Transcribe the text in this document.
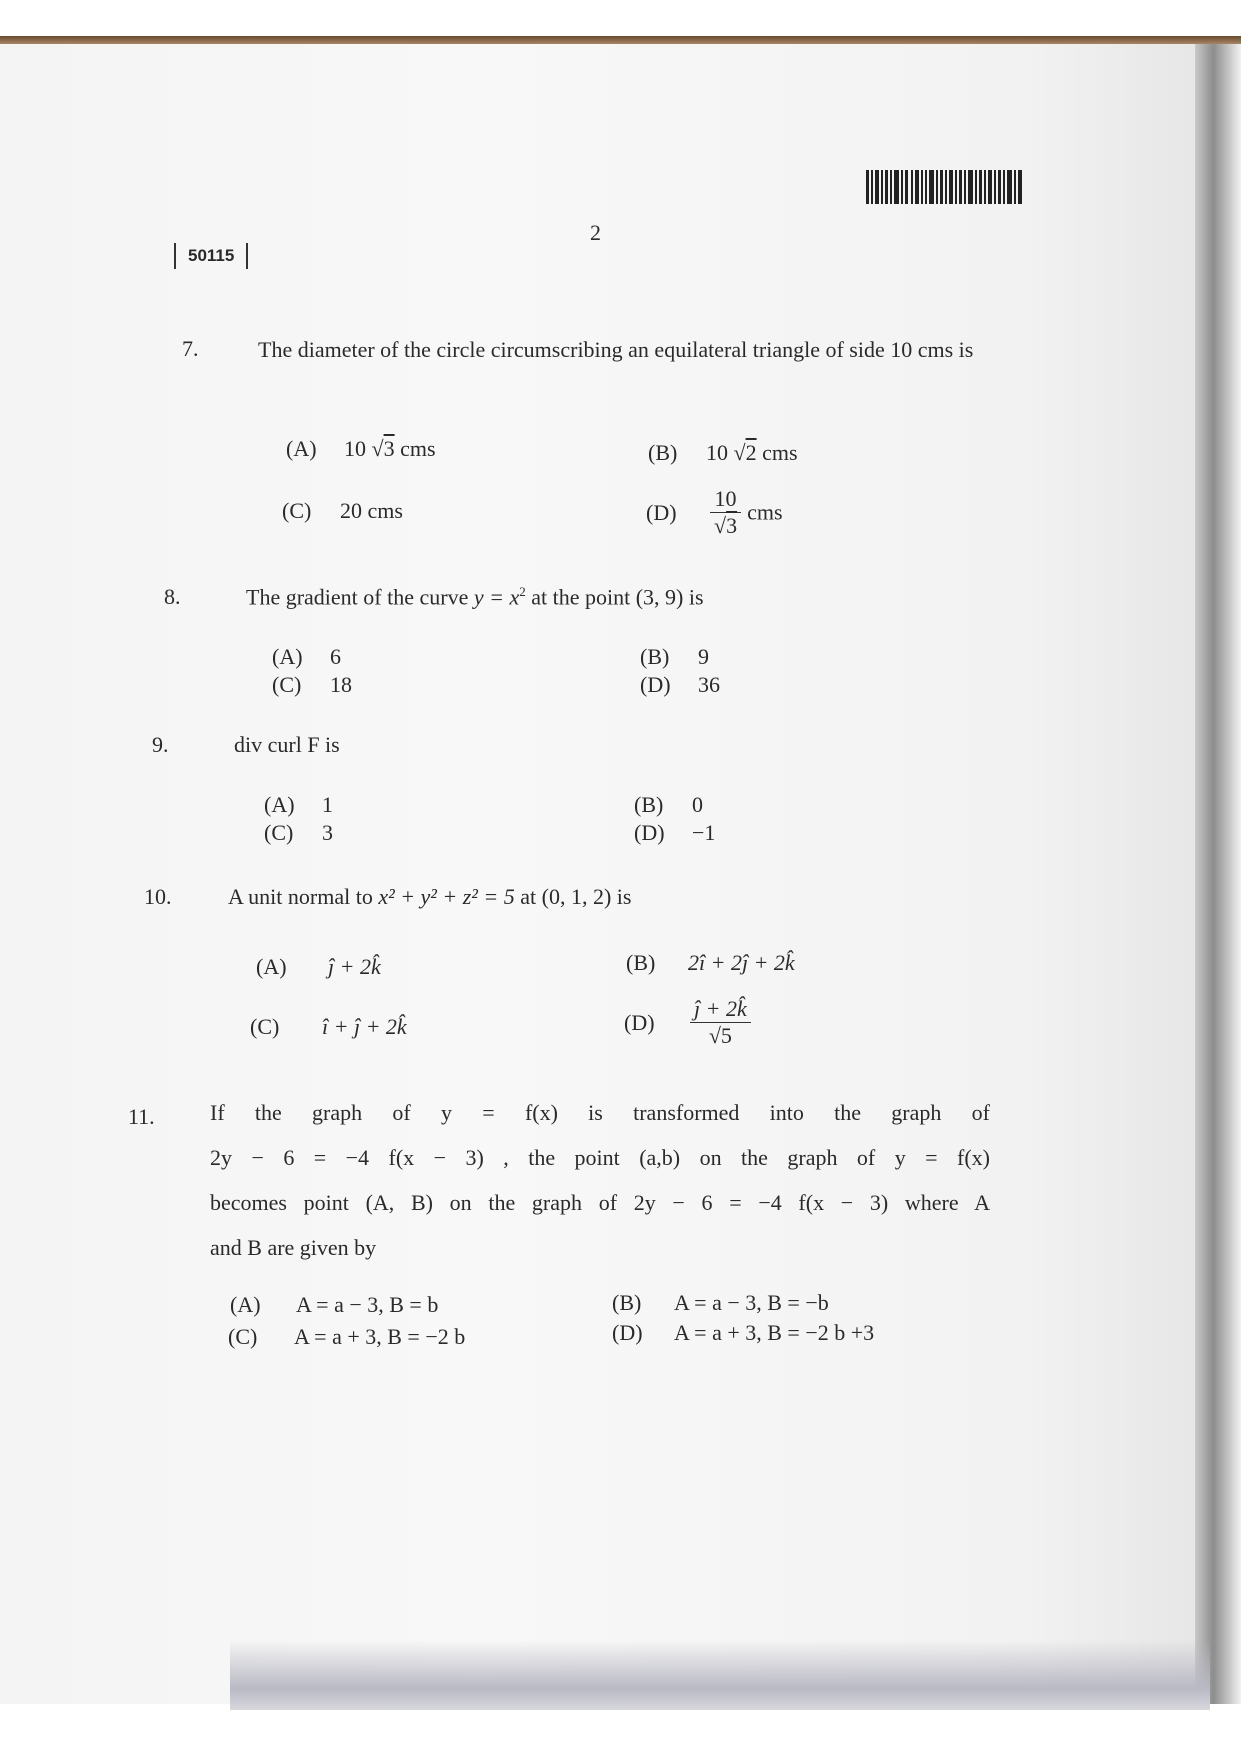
2
50115
7.	The diameter of the circle circumscribing an equilateral triangle of side 10 cms is
(A) 10 √3 cms	(B) 10 √2 cms
(C) 20 cms	$(D) \frac{10}{√3}$ cms
8.	The gradient of the curve $y = x^2$ at the point (3, 9) is
(A) 6	(B) 9
(C) 18	(D) 36
9.	div curl F is
(A) 1	(B) 0
(C) 3	(D) −1
10.	A unit normal to x² + y² + z² = 5 at (0, 1, 2) is
(A) ĵ + 2k̂	(B) 2î + 2ĵ + 2k̂
(C) î + ĵ + 2k̂	$(D) \frac{ĵ + 2k̂}{√5}$
11.	If the graph of y = f(x) is transformed into the graph of
2y − 6 = −4 f(x − 3) , the point (a,b) on the graph of y = f(x)
becomes point (A, B) on the graph of 2y − 6 = −4 f(x − 3) where A
and B are given by
(A) A = a − 3, B = b	(B) A = a − 3, B = −b
(C) A = a + 3, B = −2 b	(D) A = a + 3, B = −2 b +3
